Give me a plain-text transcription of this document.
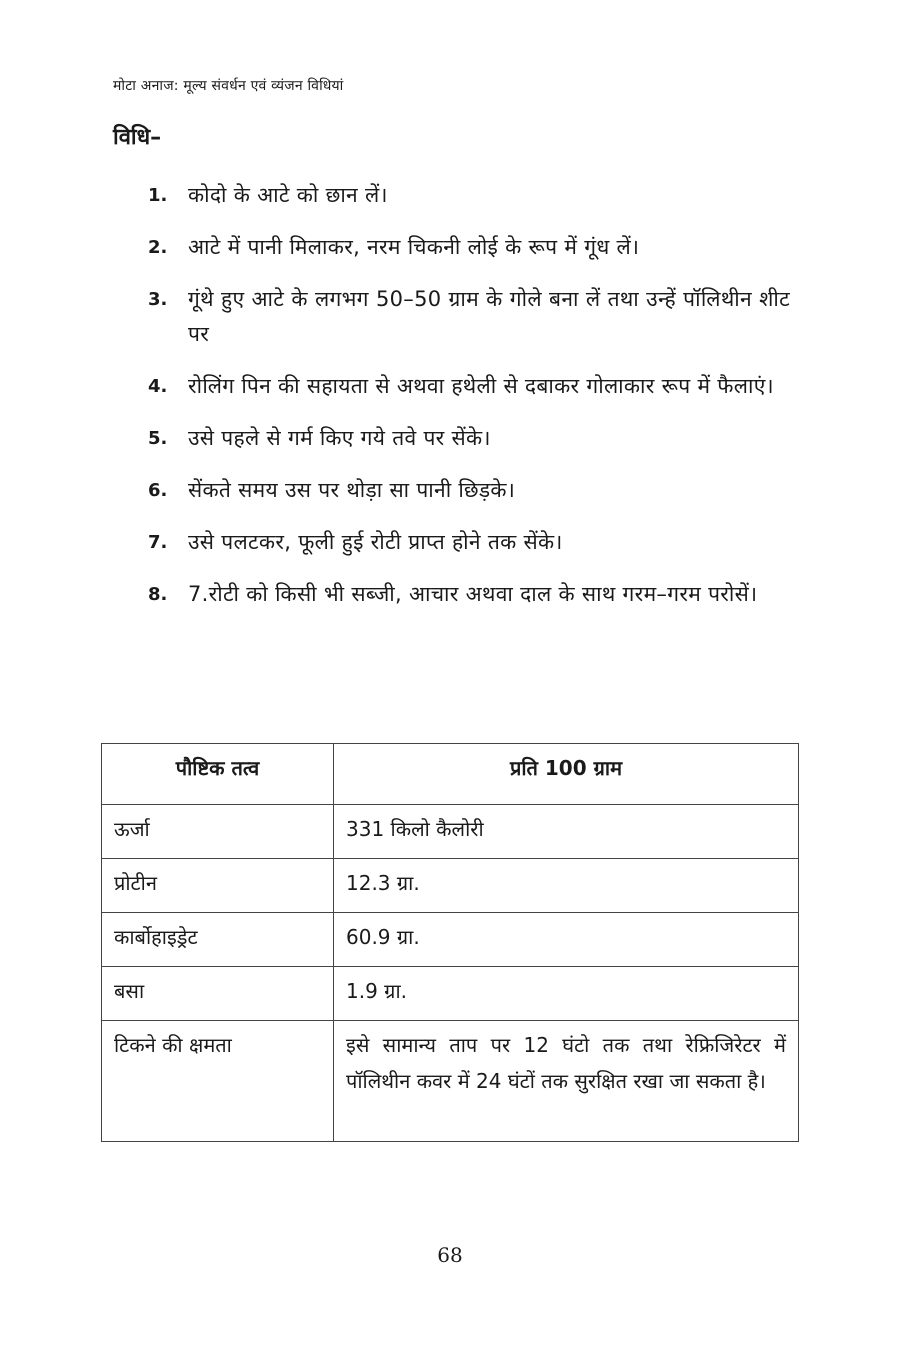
मोटा अनाज: मूल्य संवर्धन एवं व्यंजन विधियां
विधि–
1. कोदो के आटे को छान लें।
2. आटे में पानी मिलाकर, नरम चिकनी लोई के रूप में गूंध लें।
3. गूंथे हुए आटे के लगभग 50–50 ग्राम के गोले बना लें तथा उन्हें पॉलिथीन शीट पर
4. रोलिंग पिन की सहायता से अथवा हथेली से दबाकर गोलाकार रूप में फैलाएं।
5. उसे पहले से गर्म किए गये तवे पर सेंके।
6. सेंकते समय उस पर थोड़ा सा पानी छिड़के।
7. उसे पलटकर, फूली हुई रोटी प्राप्त होने तक सेंके।
8. 7.रोटी को किसी भी सब्जी, आचार अथवा दाल के साथ गरम–गरम परोसें।
पौष्टिक तत्व	प्रति 100 ग्राम
ऊर्जा	331 किलो कैलोरी
प्रोटीन	12.3 ग्रा.
कार्बोहाइड्रेट	60.9 ग्रा.
बसा	1.9 ग्रा.
टिकने की क्षमता	इसे सामान्य ताप पर 12 घंटो तक तथा रेफ्रिजिरेटर में पॉलिथीन कवर में 24 घंटों तक सुरक्षित रखा जा सकता है।
68
